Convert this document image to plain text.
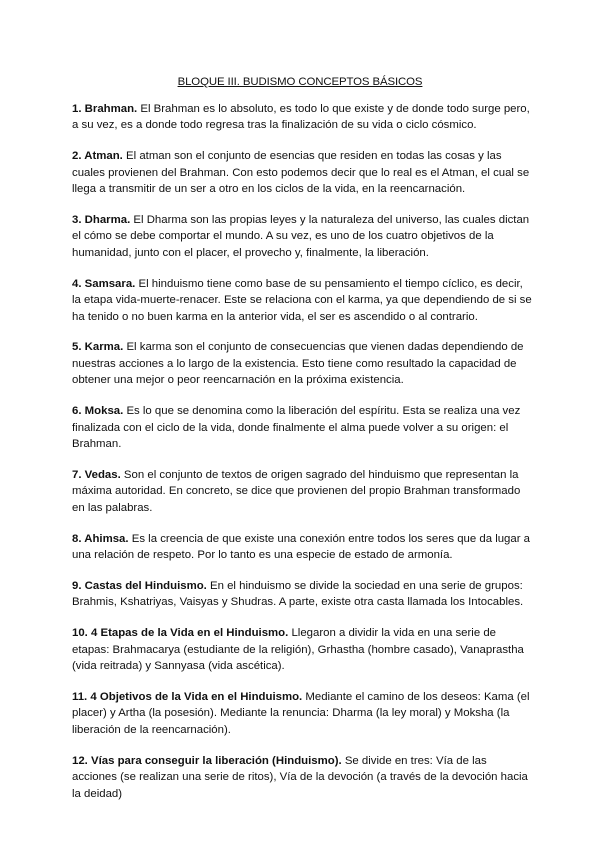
BLOQUE III. BUDISMO CONCEPTOS BÁSICOS

1. Brahman. El Brahman es lo absoluto, es todo lo que existe y de donde todo surge pero, a su vez, es a donde todo regresa tras la finalización de su vida o ciclo cósmico.

2. Atman. El atman son el conjunto de esencias que residen en todas las cosas y las cuales provienen del Brahman. Con esto podemos decir que lo real es el Atman, el cual se llega a transmitir de un ser a otro en los ciclos de la vida, en la reencarnación.

3. Dharma. El Dharma son las propias leyes y la naturaleza del universo, las cuales dictan el cómo se debe comportar el mundo. A su vez, es uno de los cuatro objetivos de la humanidad, junto con el placer, el provecho y, finalmente, la liberación.

4. Samsara. El hinduismo tiene como base de su pensamiento el tiempo cíclico, es decir, la etapa vida-muerte-renacer. Este se relaciona con el karma, ya que dependiendo de si se ha tenido o no buen karma en la anterior vida, el ser es ascendido o al contrario.

5. Karma. El karma son el conjunto de consecuencias que vienen dadas dependiendo de nuestras acciones a lo largo de la existencia. Esto tiene como resultado la capacidad de obtener una mejor o peor reencarnación en la próxima existencia.

6. Moksa. Es lo que se denomina como la liberación del espíritu. Esta se realiza una vez finalizada con el ciclo de la vida, donde finalmente el alma puede volver a su origen: el Brahman.

7. Vedas. Son el conjunto de textos de origen sagrado del hinduismo que representan la máxima autoridad. En concreto, se dice que provienen del propio Brahman transformado en las palabras.

8. Ahimsa. Es la creencia de que existe una conexión entre todos los seres que da lugar a una relación de respeto. Por lo tanto es una especie de estado de armonía.

9. Castas del Hinduismo. En el hinduismo se divide la sociedad en una serie de grupos: Brahmis, Kshatriyas, Vaisyas y Shudras. A parte, existe otra casta llamada los Intocables.

10. 4 Etapas de la Vida en el Hinduismo. Llegaron a dividir la vida en una serie de etapas: Brahmacarya (estudiante de la religión), Grhastha (hombre casado), Vanaprastha (vida reitrada) y Sannyasa (vida ascética).

11. 4 Objetivos de la Vida en el Hinduismo. Mediante el camino de los deseos: Kama (el placer) y Artha (la posesión). Mediante la renuncia: Dharma (la ley moral) y Moksha (la liberación de la reencarnación).

12. Vías para conseguir la liberación (Hinduismo). Se divide en tres: Vía de las acciones (se realizan una serie de ritos), Vía de la devoción (a través de la devoción hacia la deidad)
